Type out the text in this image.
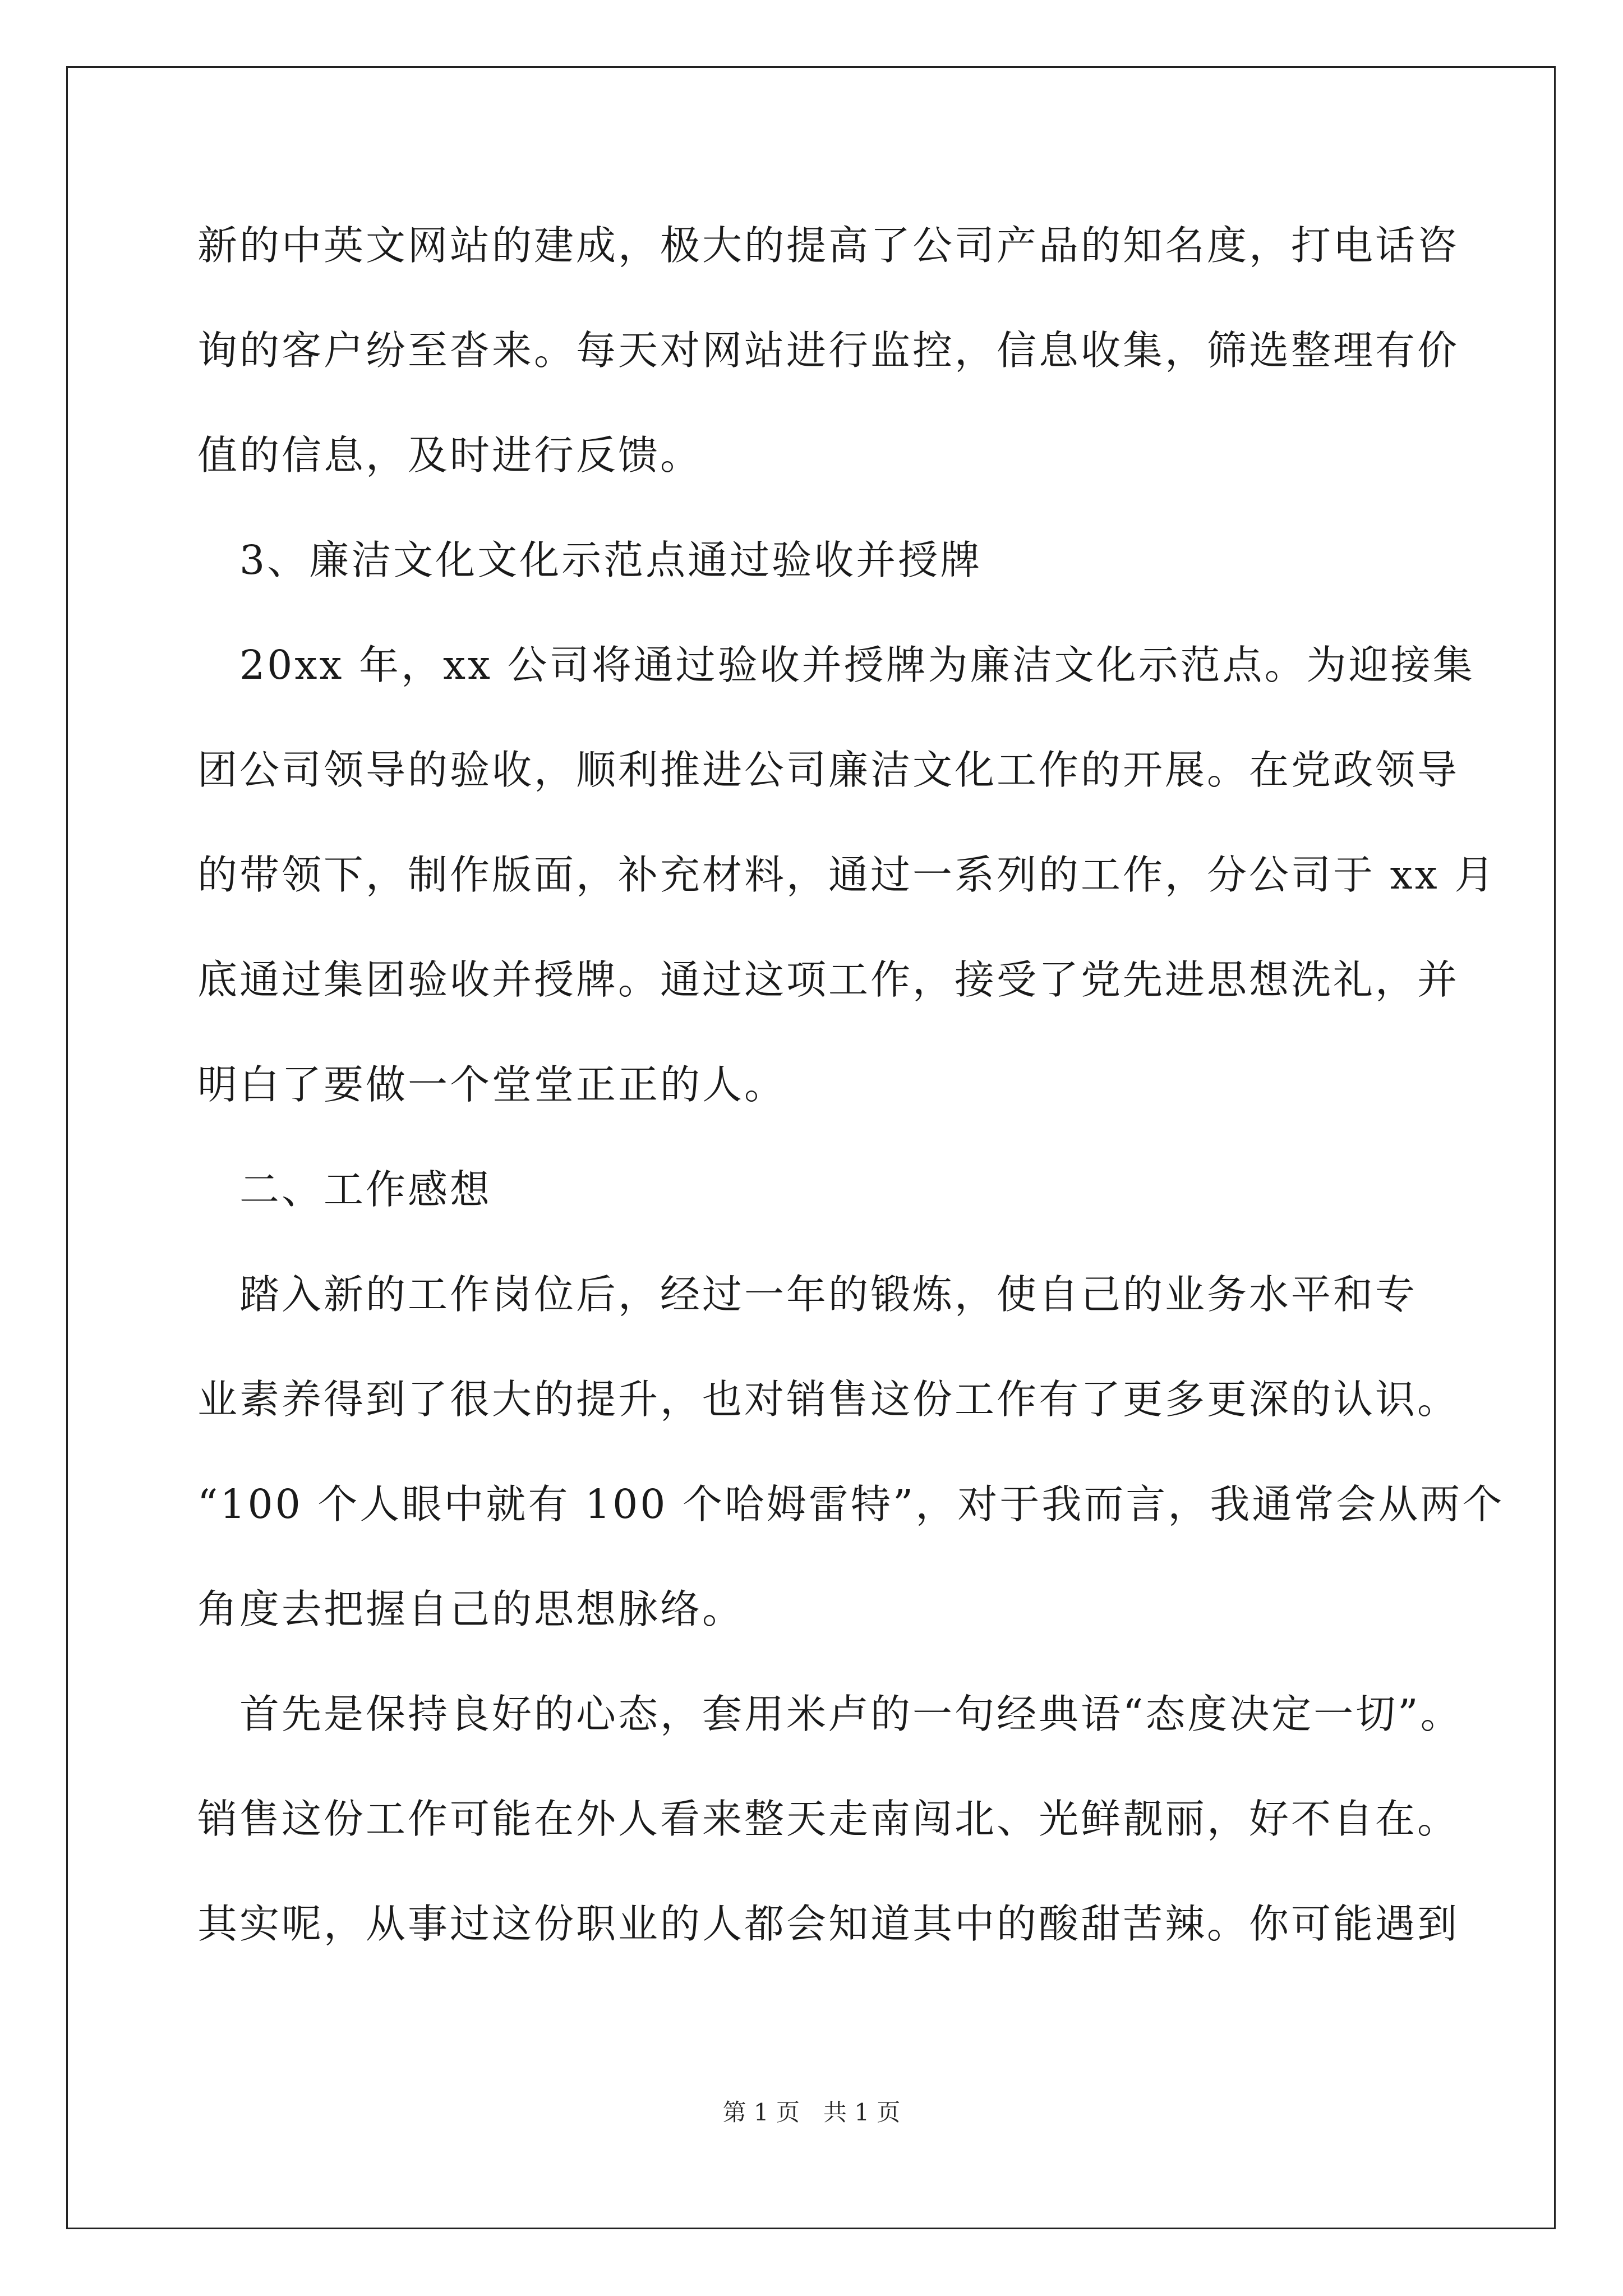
新的中英文网站的建成，极大的提高了公司产品的知名度，打电话咨
询的客户纷至沓来。每天对网站进行监控，信息收集，筛选整理有价
值的信息，及时进行反馈。
　3、廉洁文化文化示范点通过验收并授牌
　20xx 年，xx 公司将通过验收并授牌为廉洁文化示范点。为迎接集
团公司领导的验收，顺利推进公司廉洁文化工作的开展。在党政领导
的带领下，制作版面，补充材料，通过一系列的工作，分公司于 xx 月
底通过集团验收并授牌。通过这项工作，接受了党先进思想洗礼，并
明白了要做一个堂堂正正的人。
　二、工作感想
　踏入新的工作岗位后，经过一年的锻炼，使自己的业务水平和专
业素养得到了很大的提升，也对销售这份工作有了更多更深的认识。
“100 个人眼中就有 100 个哈姆雷特”，对于我而言，我通常会从两个
角度去把握自己的思想脉络。
　首先是保持良好的心态，套用米卢的一句经典语“态度决定一切”。
销售这份工作可能在外人看来整天走南闯北、光鲜靓丽，好不自在。
其实呢，从事过这份职业的人都会知道其中的酸甜苦辣。你可能遇到
第 1 页　共 1 页
